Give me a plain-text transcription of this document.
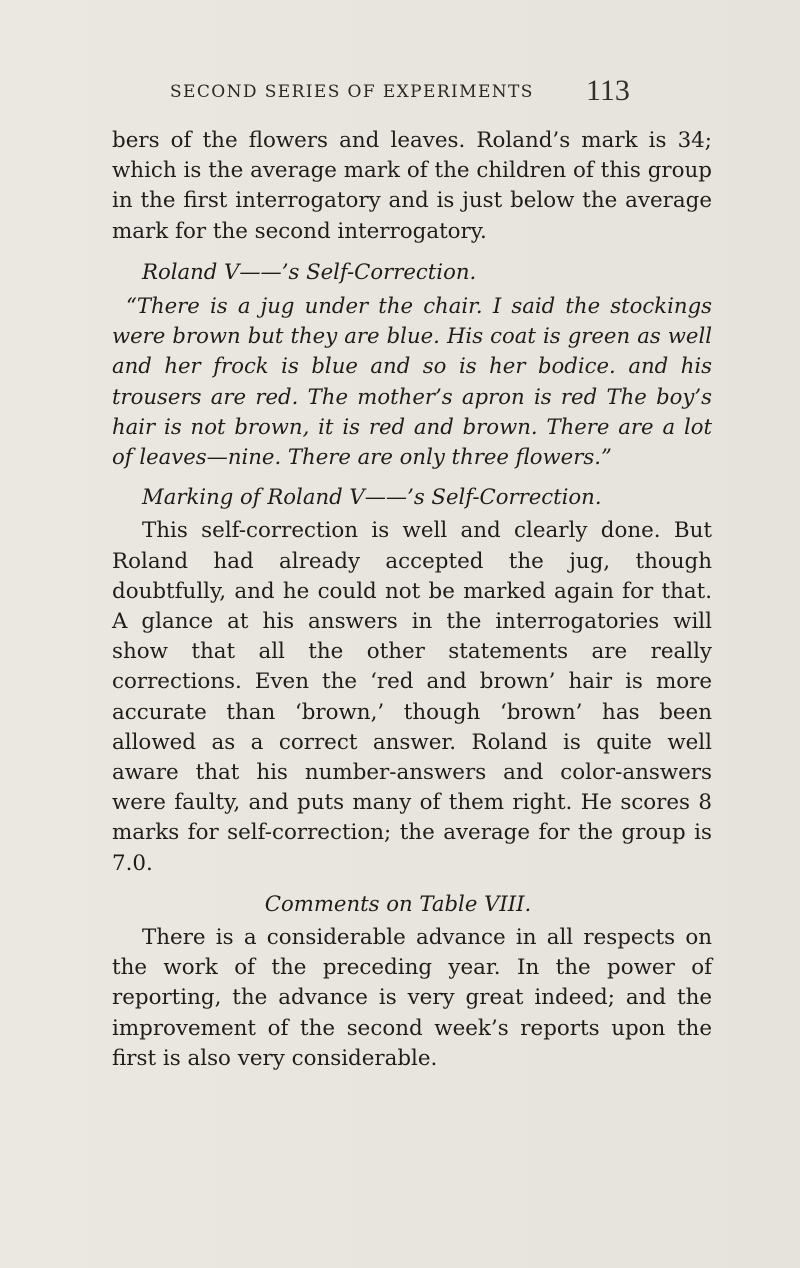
SECOND SERIES OF EXPERIMENTS 113

bers of the flowers and leaves. Roland’s mark is 34; which is the average mark of the children of this group in the first interrogatory and is just below the average mark for the second interrogatory.

Roland V——’s Self-Correction.

“There is a jug under the chair. I said the stockings were brown but they are blue. His coat is green as well and her frock is blue and so is her bodice. and his trousers are red. The mother’s apron is red The boy’s hair is not brown, it is red and brown. There are a lot of leaves—nine. There are only three flowers.”

Marking of Roland V——’s Self-Correction.

This self-correction is well and clearly done. But Roland had already accepted the jug, though doubtfully, and he could not be marked again for that. A glance at his answers in the interrogatories will show that all the other statements are really corrections. Even the ‘red and brown’ hair is more accurate than ‘brown,’ though ‘brown’ has been allowed as a correct answer. Roland is quite well aware that his number-answers and color-answers were faulty, and puts many of them right. He scores 8 marks for self-correction; the average for the group is 7.0.

Comments on Table VIII.

There is a considerable advance in all respects on the work of the preceding year. In the power of reporting, the advance is very great indeed; and the improvement of the second week’s reports upon the first is also very considerable.
